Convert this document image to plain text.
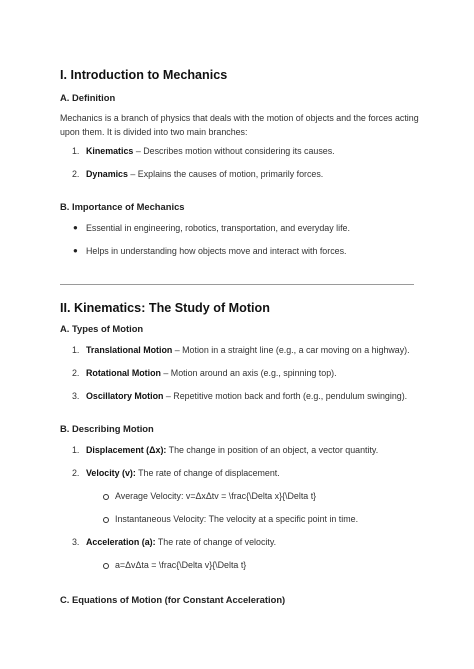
I. Introduction to Mechanics
A. Definition
Mechanics is a branch of physics that deals with the motion of objects and the forces acting
upon them. It is divided into two main branches:
1. Kinematics – Describes motion without considering its causes.
2. Dynamics – Explains the causes of motion, primarily forces.
B. Importance of Mechanics
● Essential in engineering, robotics, transportation, and everyday life.
● Helps in understanding how objects move and interact with forces.
II. Kinematics: The Study of Motion
A. Types of Motion
1. Translational Motion – Motion in a straight line (e.g., a car moving on a highway).
2. Rotational Motion – Motion around an axis (e.g., spinning top).
3. Oscillatory Motion – Repetitive motion back and forth (e.g., pendulum swinging).
B. Describing Motion
1. Displacement (Δx): The change in position of an object, a vector quantity.
2. Velocity (v): The rate of change of displacement.
Average Velocity: v=ΔxΔtv = \frac{\Delta x}{\Delta t}
Instantaneous Velocity: The velocity at a specific point in time.
3. Acceleration (a): The rate of change of velocity.
a=ΔvΔta = \frac{\Delta v}{\Delta t}
C. Equations of Motion (for Constant Acceleration)
